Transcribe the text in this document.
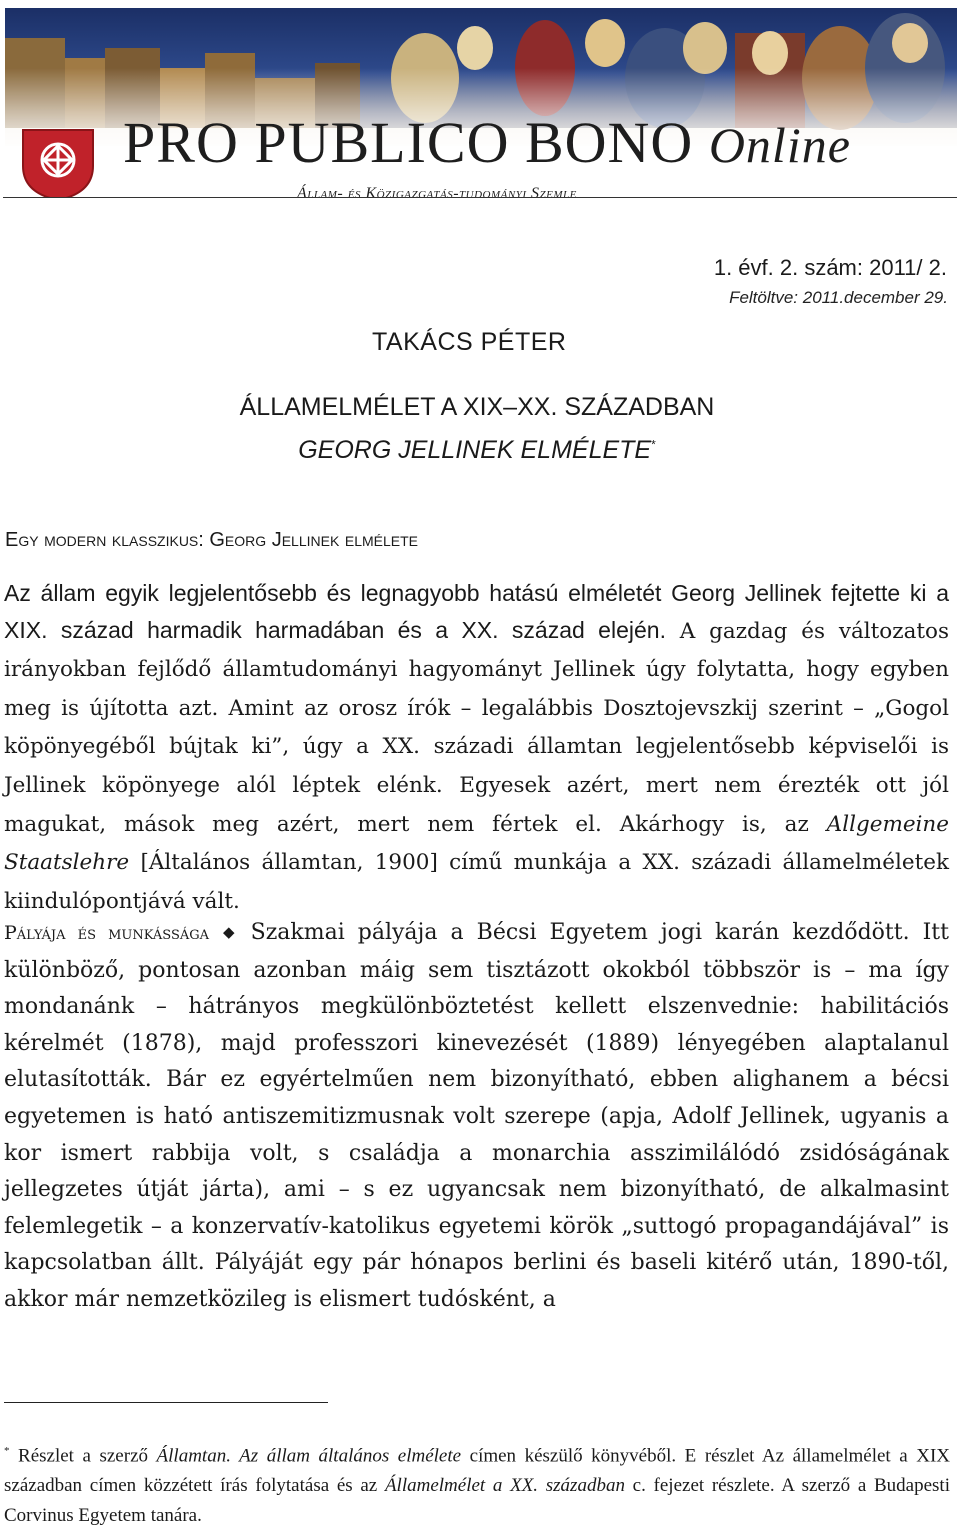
PRO PUBLICO BONO Online
Állam- és Közigazgatás-tudományi Szemle
1. évf. 2. szám: 2011/ 2.
Feltöltve: 2011.december 29.
TAKÁCS PÉTER
ÁLLAMELMÉLET A XIX–XX. SZÁZADBAN
GEORG JELLINEK ELMÉLETE*
Egy modern klasszikus: Georg Jellinek elmélete

Az állam egyik legjelentősebb és legnagyobb hatású elméletét Georg Jellinek fejtette ki a XIX. század harmadik harmadában és a XX. század elején. A gazdag és változatos irányokban fejlődő államtudományi hagyományt Jellinek úgy folytatta, hogy egyben meg is újította azt. Amint az orosz írók – legalábbis Dosztojevszkij szerint – „Gogol köpönyegéből bújtak ki”, úgy a XX. századi államtan legjelentősebb képviselői is Jellinek köpönyege alól léptek elénk. Egyesek azért, mert nem érezték ott jól magukat, mások meg azért, mert nem fértek el. Akárhogy is, az Allgemeine Staatslehre [Általános államtan, 1900] című munkája a XX. századi államelméletek kiindulópontjává vált.

Pályája és munkássága ◆ Szakmai pályája a Bécsi Egyetem jogi karán kezdődött. Itt különböző, pontosan azonban máig sem tisztázott okokból többször is – ma így mondanánk – hátrányos megkülönböztetést kellett elszenvednie: habilitációs kérelmét (1878), majd professzori kinevezését (1889) lényegében alaptalanul elutasították. Bár ez egyértelműen nem bizonyítható, ebben alighanem a bécsi egyetemen is ható antiszemitizmusnak volt szerepe (apja, Adolf Jellinek, ugyanis a kor ismert rabbija volt, s családja a monarchia asszimilálódó zsidóságának jellegzetes útját járta), ami – s ez ugyancsak nem bizonyítható, de alkalmasint felemlegetik – a konzervatív-katolikus egyetemi körök „suttogó propagandájával” is kapcsolatban állt. Pályáját egy pár hónapos berlini és baseli kitérő után, 1890-től, akkor már nemzetközileg is elismert tudósként, a

* Részlet a szerző Államtan. Az állam általános elmélete címen készülő könyvéből. E részlet Az államelmélet a XIX században címen közzétett írás folytatása és az Államelmélet a XX. században c. fejezet részlete. A szerző a Budapesti Corvinus Egyetem tanára.
